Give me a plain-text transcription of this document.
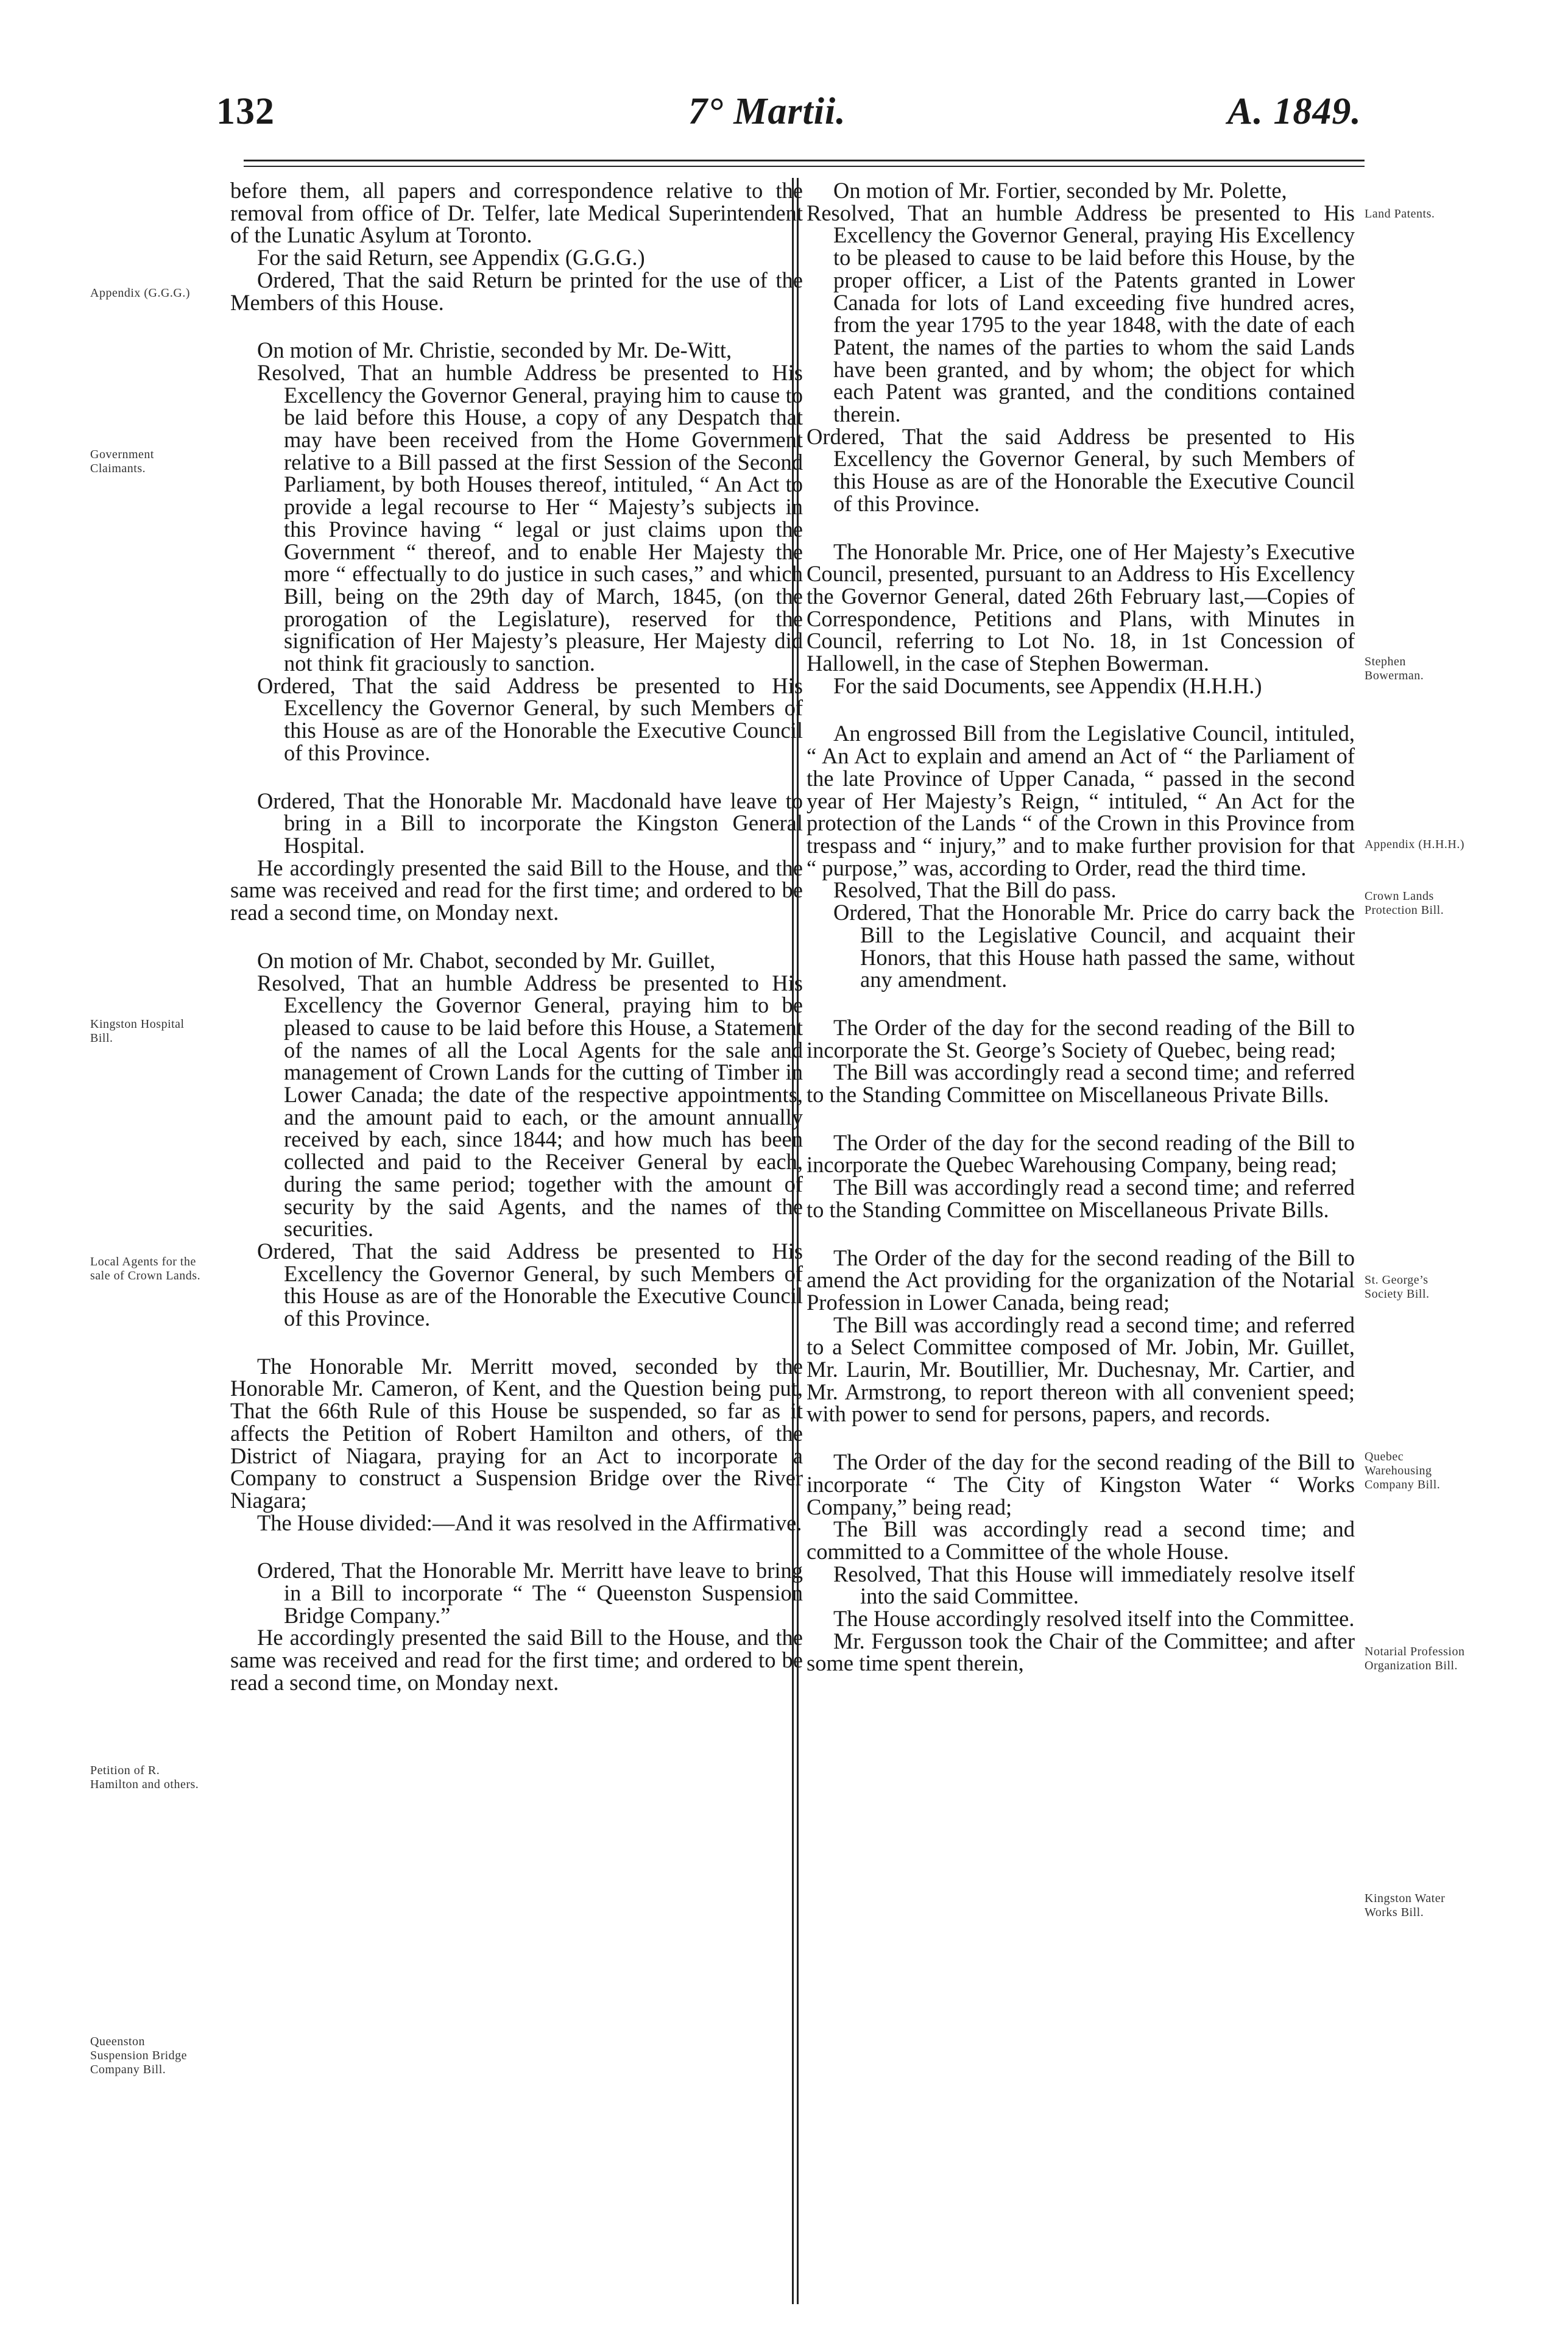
132	7° Martii.	A. 1849.

before them, all papers and correspondence relative to the removal from office of Dr. Telfer, late Medical Superintendent of the Lunatic Asylum at Toronto.

For the said Return, see Appendix (G.G.G.)

Ordered, That the said Return be printed for the use of the Members of this House.

On motion of Mr. Christie, seconded by Mr. De-Witt,

Resolved, That an humble Address be presented to His Excellency the Governor General, praying him to cause to be laid before this House, a copy of any Despatch that may have been received from the Home Government relative to a Bill passed at the first Session of the Second Parliament, by both Houses thereof, intituled, “ An Act to provide a legal recourse to Her “ Majesty’s subjects in this Province having “ legal or just claims upon the Government “ thereof, and to enable Her Majesty the more “ effectually to do justice in such cases,” and which Bill, being on the 29th day of March, 1845, (on the prorogation of the Legislature), reserved for the signification of Her Majesty’s pleasure, Her Majesty did not think fit graciously to sanction.

Ordered, That the said Address be presented to His Excellency the Governor General, by such Members of this House as are of the Honorable the Executive Council of this Province.

Ordered, That the Honorable Mr. Macdonald have leave to bring in a Bill to incorporate the Kingston General Hospital.

He accordingly presented the said Bill to the House, and the same was received and read for the first time; and ordered to be read a second time, on Monday next.

On motion of Mr. Chabot, seconded by Mr. Guillet,

Resolved, That an humble Address be presented to His Excellency the Governor General, praying him to be pleased to cause to be laid before this House, a Statement of the names of all the Local Agents for the sale and management of Crown Lands for the cutting of Timber in Lower Canada; the date of the respective appointments, and the amount paid to each, or the amount annually received by each, since 1844; and how much has been collected and paid to the Receiver General by each, during the same period; together with the amount of security by the said Agents, and the names of the securities.

Ordered, That the said Address be presented to His Excellency the Governor General, by such Members of this House as are of the Honorable the Executive Council of this Province.

The Honorable Mr. Merritt moved, seconded by the Honorable Mr. Cameron, of Kent, and the Question being put, That the 66th Rule of this House be suspended, so far as it affects the Petition of Robert Hamilton and others, of the District of Niagara, praying for an Act to incorporate a Company to construct a Suspension Bridge over the River Niagara;

The House divided:—And it was resolved in the Affirmative.

Ordered, That the Honorable Mr. Merritt have leave to bring in a Bill to incorporate “ The “ Queenston Suspension Bridge Company.”

He accordingly presented the said Bill to the House, and the same was received and read for the first time; and ordered to be read a second time, on Monday next.

On motion of Mr. Fortier, seconded by Mr. Polette,

Resolved, That an humble Address be presented to His Excellency the Governor General, praying His Excellency to be pleased to cause to be laid before this House, by the proper officer, a List of the Patents granted in Lower Canada for lots of Land exceeding five hundred acres, from the year 1795 to the year 1848, with the date of each Patent, the names of the parties to whom the said Lands have been granted, and by whom; the object for which each Patent was granted, and the conditions contained therein.

Ordered, That the said Address be presented to His Excellency the Governor General, by such Members of this House as are of the Honorable the Executive Council of this Province.

The Honorable Mr. Price, one of Her Majesty’s Executive Council, presented, pursuant to an Address to His Excellency the Governor General, dated 26th February last,—Copies of Correspondence, Petitions and Plans, with Minutes in Council, referring to Lot No. 18, in 1st Concession of Hallowell, in the case of Stephen Bowerman.

For the said Documents, see Appendix (H.H.H.)

An engrossed Bill from the Legislative Council, intituled, “ An Act to explain and amend an Act of “ the Parliament of the late Province of Upper Canada, “ passed in the second year of Her Majesty’s Reign, “ intituled, “ An Act for the protection of the Lands “ of the Crown in this Province from trespass and “ injury,” and to make further provision for that “ purpose,” was, according to Order, read the third time.

Resolved, That the Bill do pass.

Ordered, That the Honorable Mr. Price do carry back the Bill to the Legislative Council, and acquaint their Honors, that this House hath passed the same, without any amendment.

The Order of the day for the second reading of the Bill to incorporate the St. George’s Society of Quebec, being read;

The Bill was accordingly read a second time; and referred to the Standing Committee on Miscellaneous Private Bills.

The Order of the day for the second reading of the Bill to incorporate the Quebec Warehousing Company, being read;

The Bill was accordingly read a second time; and referred to the Standing Committee on Miscellaneous Private Bills.

The Order of the day for the second reading of the Bill to amend the Act providing for the organization of the Notarial Profession in Lower Canada, being read;

The Bill was accordingly read a second time; and referred to a Select Committee composed of Mr. Jobin, Mr. Guillet, Mr. Laurin, Mr. Boutillier, Mr. Duchesnay, Mr. Cartier, and Mr. Armstrong, to report thereon with all convenient speed; with power to send for persons, papers, and records.

The Order of the day for the second reading of the Bill to incorporate “ The City of Kingston Water “ Works Company,” being read;

The Bill was accordingly read a second time; and committed to a Committee of the whole House.

Resolved, That this House will immediately resolve itself into the said Committee.

The House accordingly resolved itself into the Committee.

Mr. Fergusson took the Chair of the Committee; and after some time spent therein,

Appendix (G.G.G.)
Government Claimants.
Kingston Hospital Bill.
Local Agents for the sale of Crown Lands.
Petition of R. Hamilton and others.
Queenston Suspension Bridge Company Bill.
Land Patents.
Stephen Bowerman.
Appendix (H.H.H.)
Crown Lands Protection Bill.
St. George’s Society Bill.
Quebec Warehousing Company Bill.
Notarial Profession Organization Bill.
Kingston Water Works Bill.
